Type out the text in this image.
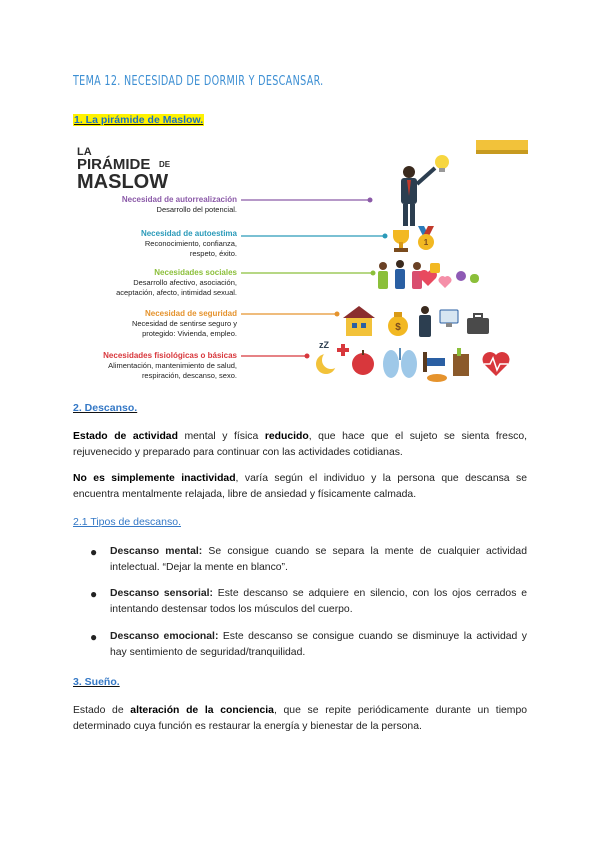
TEMA 12. NECESIDAD DE DORMIR Y DESCANSAR.
1. La pirámide de Maslow.
LA
PIRÁMIDE DE
MASLOW
Necesidad de autorrealización
Desarrollo del potencial.
Necesidad de autoestima
Reconocimiento, confianza,
respeto, éxito.
Necesidades sociales
Desarrollo afectivo, asociación,
aceptación, afecto, intimidad sexual.
Necesidad de seguridad
Necesidad de sentirse seguro y
protegido: Vivienda, empleo.
Necesidades fisiológicas o básicas
Alimentación, mantenimiento de salud,
respiración, descanso, sexo.
1
$
zZ
2. Descanso.
Estado de actividad mental y física reducido, que hace que el sujeto se sienta fresco, rejuvenecido y preparado para continuar con las actividades cotidianas.
No es simplemente inactividad, varía según el individuo y la persona que descansa se encuentra mentalmente relajada, libre de ansiedad y físicamente calmada.
2.1 Tipos de descanso.
● Descanso mental: Se consigue cuando se separa la mente de cualquier actividad intelectual. “Dejar la mente en blanco”.
● Descanso sensorial: Este descanso se adquiere en silencio, con los ojos cerrados e intentando destensar todos los músculos del cuerpo.
● Descanso emocional: Este descanso se consigue cuando se disminuye la actividad y hay sentimiento de seguridad/tranquilidad.
3. Sueño.
Estado de alteración de la conciencia, que se repite periódicamente durante un tiempo determinado cuya función es restaurar la energía y bienestar de la persona.
